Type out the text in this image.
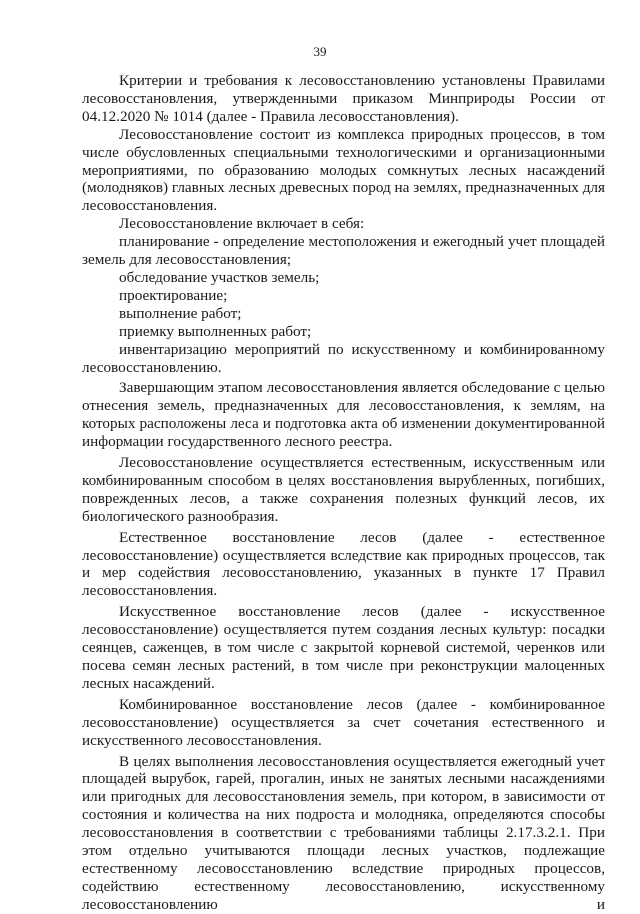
39

Критерии и требования к лесовосстановлению установлены Правилами лесовосстановления, утвержденными приказом Минприроды России от 04.12.2020 № 1014 (далее - Правила лесовосстановления).

Лесовосстановление состоит из комплекса природных процессов, в том числе обусловленных специальными технологическими и организационными мероприятиями, по образованию молодых сомкнутых лесных насаждений (молодняков) главных лесных древесных пород на землях, предназначенных для лесовосстановления.

Лесовосстановление включает в себя:

планирование - определение местоположения и ежегодный учет площадей земель для лесовосстановления;

обследование участков земель;

проектирование;

выполнение работ;

приемку выполненных работ;

инвентаризацию мероприятий по искусственному и комбинированному лесовосстановлению.

Завершающим этапом лесовосстановления является обследование с целью отнесения земель, предназначенных для лесовосстановления, к землям, на которых расположены леса и подготовка акта об изменении документированной информации государственного лесного реестра.

Лесовосстановление осуществляется естественным, искусственным или комбинированным способом в целях восстановления вырубленных, погибших, поврежденных лесов, а также сохранения полезных функций лесов, их биологического разнообразия.

Естественное восстановление лесов (далее - естественное лесовосстановление) осуществляется вследствие как природных процессов, так и мер содействия лесовосстановлению, указанных в пункте 17 Правил лесовосстановления.

Искусственное восстановление лесов (далее - искусственное лесовосстановление) осуществляется путем создания лесных культур: посадки сеянцев, саженцев, в том числе с закрытой корневой системой, черенков или посева семян лесных растений, в том числе при реконструкции малоценных лесных насаждений.

Комбинированное восстановление лесов (далее - комбинированное лесовосстановление) осуществляется за счет сочетания естественного и искусственного лесовосстановления.

В целях выполнения лесовосстановления осуществляется ежегодный учет площадей вырубок, гарей, прогалин, иных не занятых лесными насаждениями или пригодных для лесовосстановления земель, при котором, в зависимости от состояния и количества на них подроста и молодняка, определяются способы лесовосстановления в соответствии с требованиями таблицы 2.17.3.2.1. При этом отдельно учитываются площади лесных участков, подлежащие естественному лесовосстановлению вследствие природных процессов, содействию естественному лесовосстановлению, искусственному лесовосстановлению и
